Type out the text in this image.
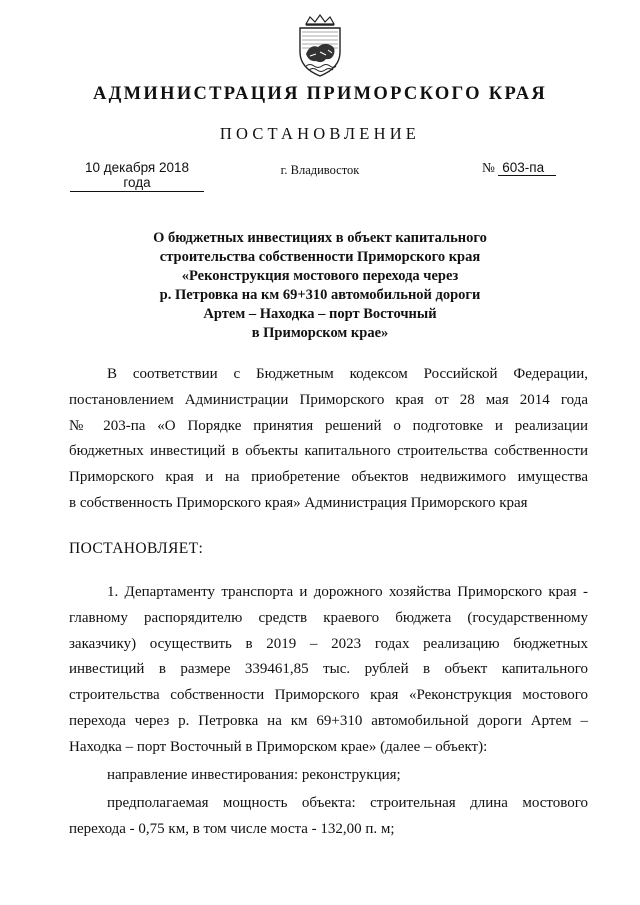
АДМИНИСТРАЦИЯ ПРИМОРСКОГО КРАЯ
ПОСТАНОВЛЕНИЕ
10 декабря 2018 года
г. Владивосток	№ 603-па
О бюджетных инвестициях в объект капитального
строительства собственности Приморского края
«Реконструкция мостового перехода через
р. Петровка на км 69+310 автомобильной дороги
Артем – Находка – порт Восточный
в Приморском крае»
В соответствии с Бюджетным кодексом Российской Федерации,
постановлением Администрации Приморского края от 28 мая 2014 года
№ 203-па «О Порядке принятия решений о подготовке и реализации
бюджетных инвестиций в объекты капитального строительства собственности
Приморского края и на приобретение объектов недвижимого имущества
в собственность Приморского края» Администрация Приморского края
ПОСТАНОВЛЯЕТ:
1. Департаменту транспорта и дорожного хозяйства Приморского края -
главному распорядителю средств краевого бюджета (государственному
заказчику) осуществить в 2019 – 2023 годах реализацию бюджетных
инвестиций в размере 339461,85 тыс. рублей в объект капитального
строительства собственности Приморского края «Реконструкция мостового
перехода через р. Петровка на км 69+310 автомобильной дороги Артем –
Находка – порт Восточный в Приморском крае» (далее – объект):
направление инвестирования: реконструкция;
предполагаемая мощность объекта: строительная длина мостового
перехода - 0,75 км, в том числе моста - 132,00 п. м;
